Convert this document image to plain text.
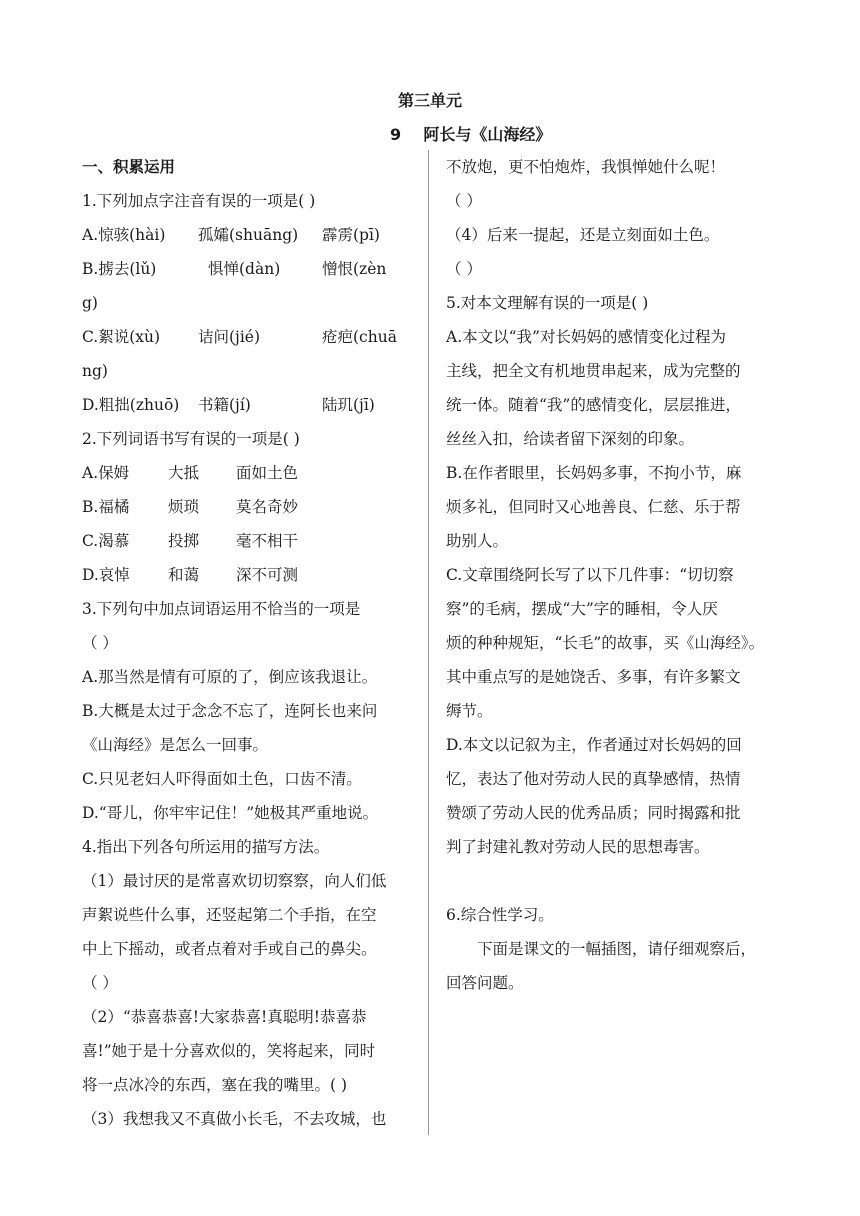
第三单元
9    阿长与《山海经》
一、积累运用
1.下列加点字注音有误的一项是( )
A.惊骇(hài)	孤孀(shuāng)	霹雳(pī)
B.掳去(lǔ)	惧惮(dàn)	憎恨(zèn
g)
C.絮说(xù)	诘问(jié)	疮疤(chuā
ng)
D.粗拙(zhuō)	书籍(jí)	陆玑(jī)
2.下列词语书写有误的一项是( )
A.保姆	大抵	面如土色
B.福橘	烦琐	莫名奇妙
C.渴慕	投掷	毫不相干
D.哀悼	和蔼	深不可测
3.下列句中加点词语运用不恰当的一项是
（ ）
A.那当然是情有可原的了，倒应该我退让。
B.大概是太过于念念不忘了，连阿长也来问
《山海经》是怎么一回事。
C.只见老妇人吓得面如土色，口齿不清。
D.“哥儿，你牢牢记住！”她极其严重地说。
4.指出下列各句所运用的描写方法。
（1）最讨厌的是常喜欢切切察察，向人们低
声絮说些什么事，还竖起第二个手指，在空
中上下摇动，或者点着对手或自己的鼻尖。
（ ）
（2）“恭喜恭喜!大家恭喜!真聪明!恭喜恭
喜!”她于是十分喜欢似的，笑将起来，同时
将一点冰冷的东西，塞在我的嘴里。( )
（3）我想我又不真做小长毛，不去攻城，也
不放炮，更不怕炮炸，我惧惮她什么呢！
（ ）
（4）后来一提起，还是立刻面如土色。
（ ）
5.对本文理解有误的一项是( )
A.本文以“我”对长妈妈的感情变化过程为
主线，把全文有机地贯串起来，成为完整的
统一体。随着“我”的感情变化，层层推进，
丝丝入扣，给读者留下深刻的印象。
B.在作者眼里，长妈妈多事，不拘小节，麻
烦多礼，但同时又心地善良、仁慈、乐于帮
助别人。
C.文章围绕阿长写了以下几件事：“切切察
察”的毛病，摆成“大”字的睡相，令人厌
烦的种种规矩，“长毛”的故事，买《山海经》。
其中重点写的是她饶舌、多事，有许多繁文
缛节。
D.本文以记叙为主，作者通过对长妈妈的回
忆，表达了他对劳动人民的真挚感情，热情
赞颂了劳动人民的优秀品质；同时揭露和批
判了封建礼教对劳动人民的思想毒害。
6.综合性学习。
下面是课文的一幅插图，请仔细观察后，
回答问题。
